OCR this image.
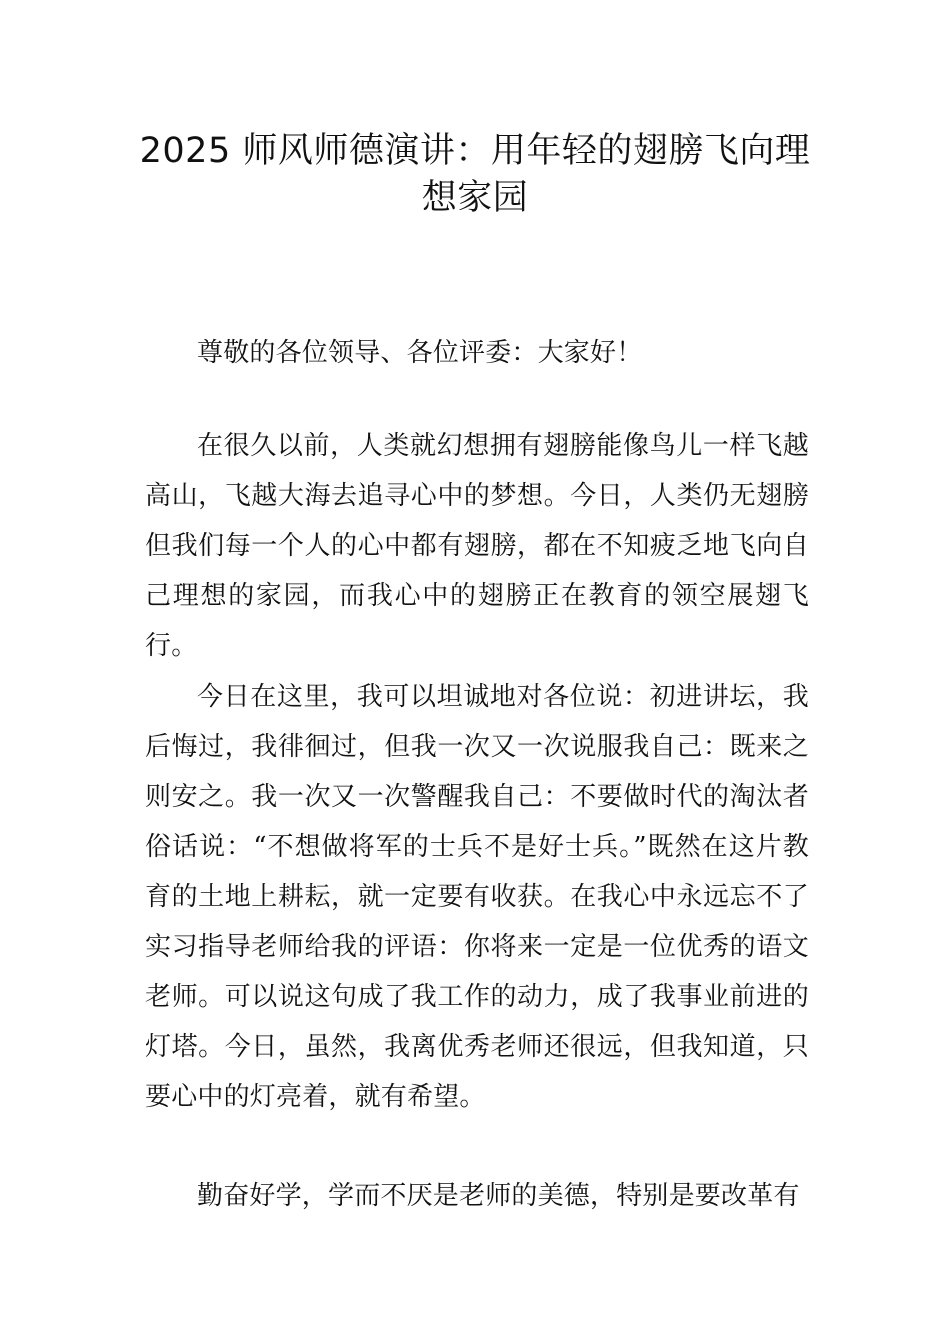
2025 师风师德演讲：用年轻的翅膀飞向理
想家园

尊敬的各位领导、各位评委：大家好！

在很久以前，人类就幻想拥有翅膀能像鸟儿一样飞越高山，飞越大海去追寻心中的梦想。今日，人类仍无翅膀但我们每一个人的心中都有翅膀，都在不知疲乏地飞向自己理想的家园，而我心中的翅膀正在教育的领空展翅飞行。

今日在这里，我可以坦诚地对各位说：初进讲坛，我后悔过，我徘徊过，但我一次又一次说服我自己：既来之则安之。我一次又一次警醒我自己：不要做时代的淘汰者俗话说：“不想做将军的士兵不是好士兵。”既然在这片教育的土地上耕耘，就一定要有收获。在我心中永远忘不了实习指导老师给我的评语：你将来一定是一位优秀的语文老师。可以说这句成了我工作的动力，成了我事业前进的灯塔。今日，虽然，我离优秀老师还很远，但我知道，只要心中的灯亮着，就有希望。

勤奋好学，学而不厌是老师的美德，特别是要改革有
